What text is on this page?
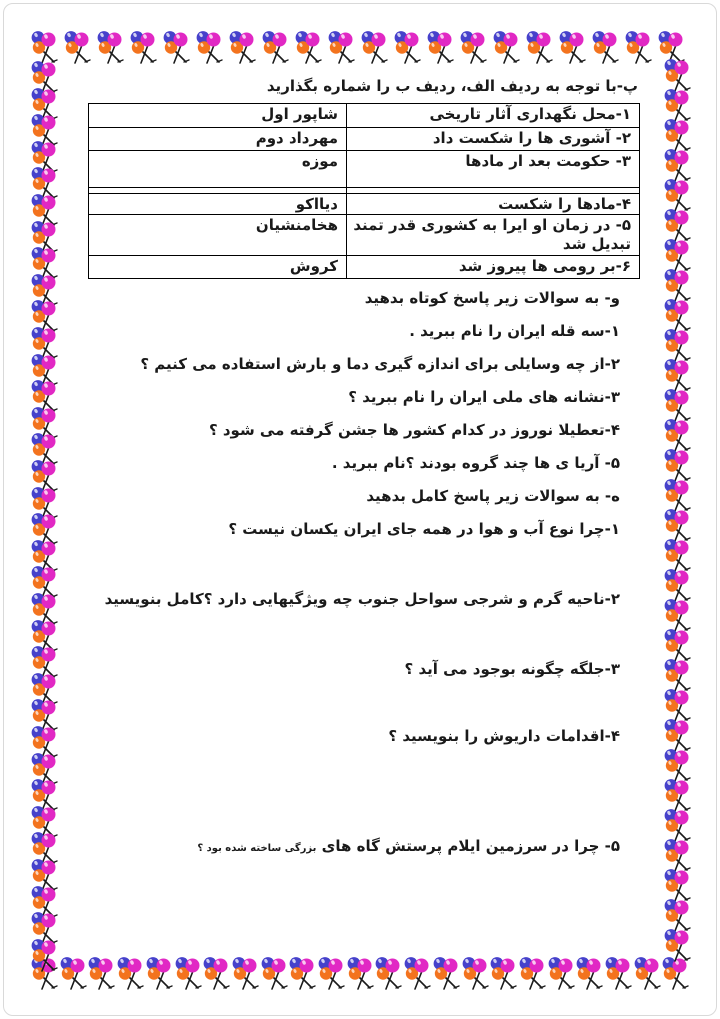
پ-با توجه به ردیف الف، ردیف ب را شماره بگذارید
۱-محل نگهداری آثار تاریخی	شاپور اول
۲- آشوری ها را شکست داد	مهرداد دوم
۳- حکومت بعد ار مادها	موزه

۴-مادها را شکست	دیااکو
۵- در زمان او ایرا به کشوری قدر تمند تبدیل شد	هخامنشیان
۶-بر رومی ها پیروز شد	کروش
و- به سوالات زیر پاسخ کوتاه بدهید
۱-سه قله ایران را نام ببرید .
۲-از چه وسایلی برای اندازه گیری دما و بارش استفاده می کنیم ؟
۳-نشانه های ملی ایران را نام ببرید ؟
۴-تعطیلا نوروز در کدام کشور ها جشن گرفته می شود ؟
۵- آریا ی ها چند گروه بودند ؟نام ببرید .
ه- به سوالات زیر پاسخ کامل بدهید
۱-چرا نوع آب و هوا در همه جای ایران یکسان نیست ؟
۲-ناحیه گرم و شرجی سواحل جنوب چه ویژگیهایی دارد ؟کامل بنویسید
۳-جلگه چگونه بوجود می آید ؟
۴-اقدامات داریوش را بنویسید ؟
۵- چرا در سرزمین ایلام پرستش گاه های بزرگی ساخته شده بود ؟
